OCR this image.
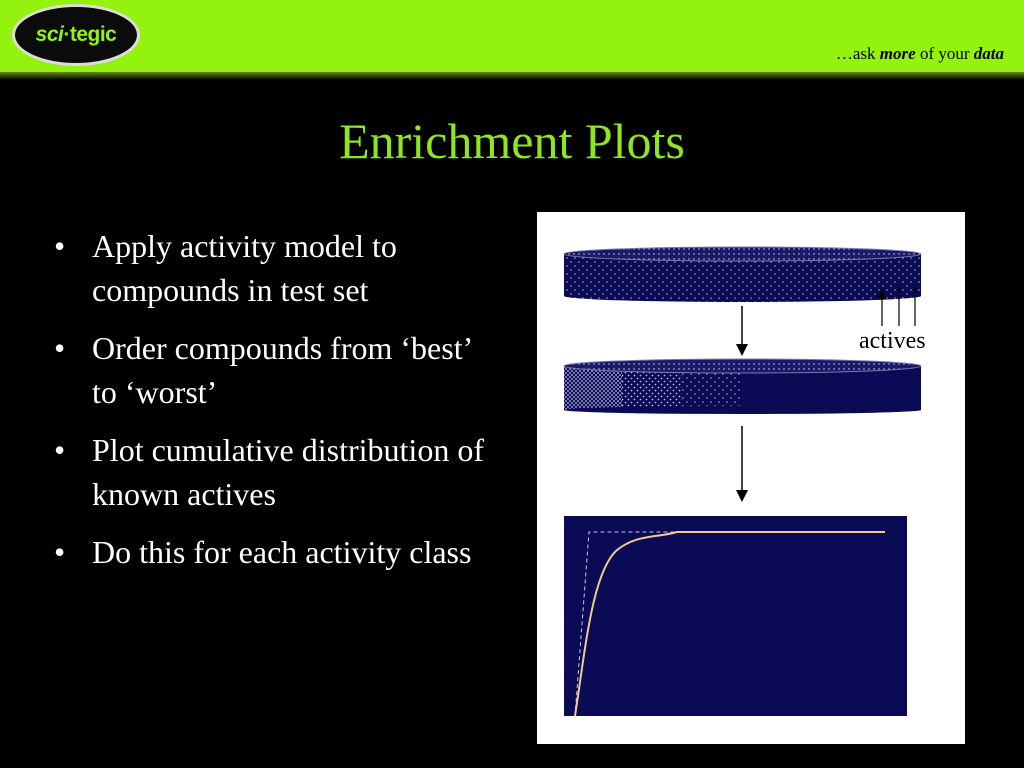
sci·tegic
…ask more of your data
Enrichment Plots
• Apply activity model to compounds in test set
• Order compounds from ‘best’ to ‘worst’
• Plot cumulative distribution of known actives
• Do this for each activity class
actives
